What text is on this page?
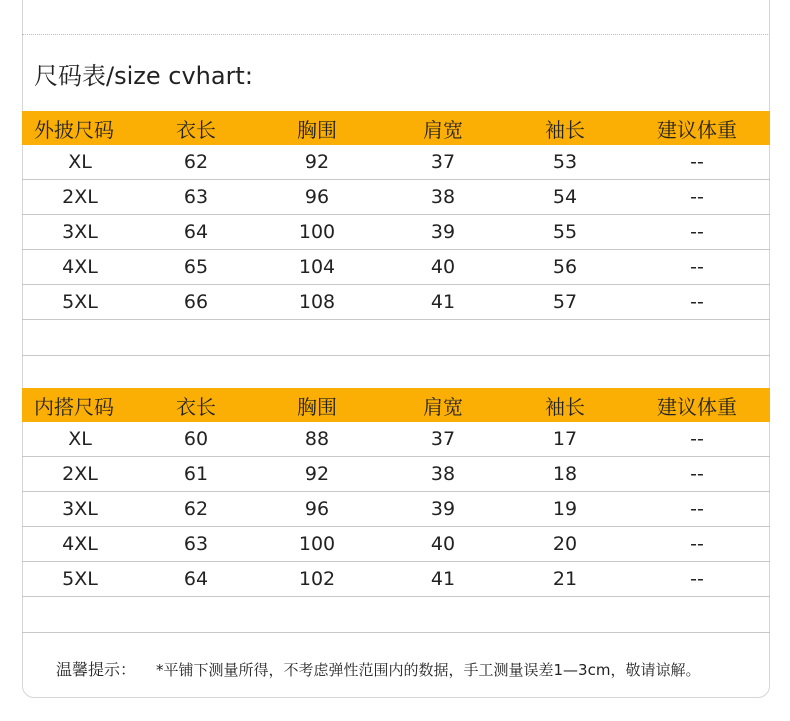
尺码表/size cvhart:
外披尺码	衣长	胸围	肩宽	袖长	建议体重
XL	62	92	37	53	--
2XL	63	96	38	54	--
3XL	64	100	39	55	--
4XL	65	104	40	56	--
5XL	66	108	41	57	--
内搭尺码	衣长	胸围	肩宽	袖长	建议体重
XL	60	88	37	17	--
2XL	61	92	38	18	--
3XL	62	96	39	19	--
4XL	63	100	40	20	--
5XL	64	102	41	21	--
温馨提示： *平铺下测量所得，不考虑弹性范围内的数据，手工测量误差1—3cm，敬请谅解。
